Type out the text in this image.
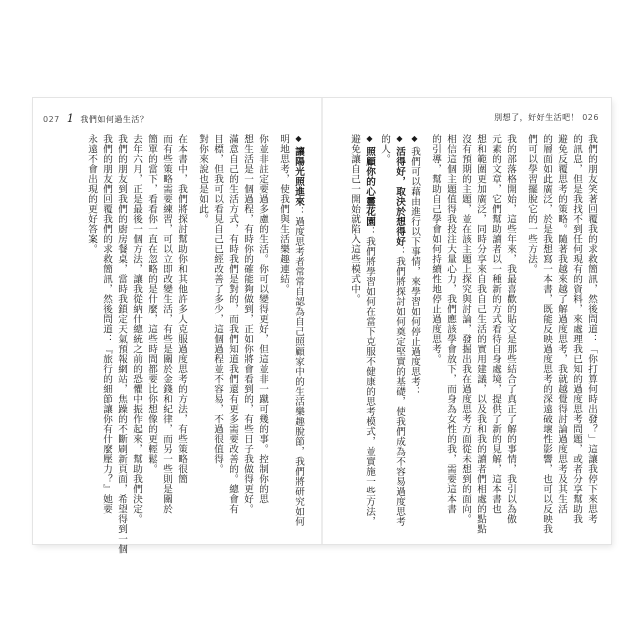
027 1 我們如何過生活？
◆ 讓陽光照進來：過度思考者常常自認為自己照顧家中的生活樂趣脫節，我們將研究如何
明地思考，使我們與生活樂趣連結。
你並非註定要過多慮的生活。你可以變得更好，但這並非一蹴可幾的事。控制你的思
想生活是一個過程，有時你的確能夠做到，正如你將會看到的，有些日子我做得更好。
滿意自己的生活方式，有時我們是對的，而我們知道我們還有更多需要改善的。總會有
目標，但我可以看見自己已經改善了多少，這個過程並不容易，不過很值得。
對你來說也是如此。
在本書中，我們將探討幫助你和其他許多人克服過度思考的方法，有些策略很簡
而有些策略需要練習，可以立即改變生活，有些是關於金錢和紀律，而另一些則是關於
簡單的當下，看看你一直在忽略的是什麼，這些時間都要比你想像的更輕鬆。
去年六月，正是最後一個方法，讓我從納什總統之前的恐懼中振作起來，幫助我們決定。
我們的朋友到我們的廚房餐桌，當時我鎖定天氣預報網站，焦躁的不斷刷新頁面，希望得到一個
我們的朋友們回覆我們的求救簡訊，然後問道：『旅行的細節讓你有什麼壓力？』她要
永遠不會出現的更好答案。
別想了，好好生活吧！ 026
我們的朋友笑著回覆我的求救簡訊，然後問道：「你打算何時出發？」這讓我停下來思考
的訊息，但是我找不到任何現有的資料，來處理我已知的過度思考問題，或者分享幫助我
避免反覆思考的策略。隨著我越來越了解過度思考，我就越覺得討論過度思考及其生活
的層面如此廣泛，於是我想寫一本書，既能反映過度思考的深遠破壞性影響，也可以反映我
們可以學習擺脫它的一些方法。
我的部落格開始，這些年來，我最喜歡的貼文是那些結合了真正了解的事情，我引以為傲
元素的文章，它們幫助讀者以一種新的方式看待自身處境，提供了新的見解，這本書也
想和範圍更加廣泛，同時分享來自我自己生活的實用建議，以及我和我的讀者們相處的點點
沒有預期的主題，並在該主題上探究與討論，發掘出我在過度思考方面從未想到的面向。
相信這個主題值得我投注大量心力，我們應該學會放下，而身為女性的我，需要這本書
的引導，幫助自己學會如何持續性地停止過度思考。
◆ 我們可以藉由進行以下事情，來學習如何停止過度思考：
◆ 活得好，取決於想得好：我們將探討如何奠定堅實的基礎，使我們成為不容易過度思考
的人。
◆ 照顧你的心靈花園：我們將學習如何在當下克服不健康的思考模式，並實施一些方法，
避免讓自己一開始就陷入這些模式中。
